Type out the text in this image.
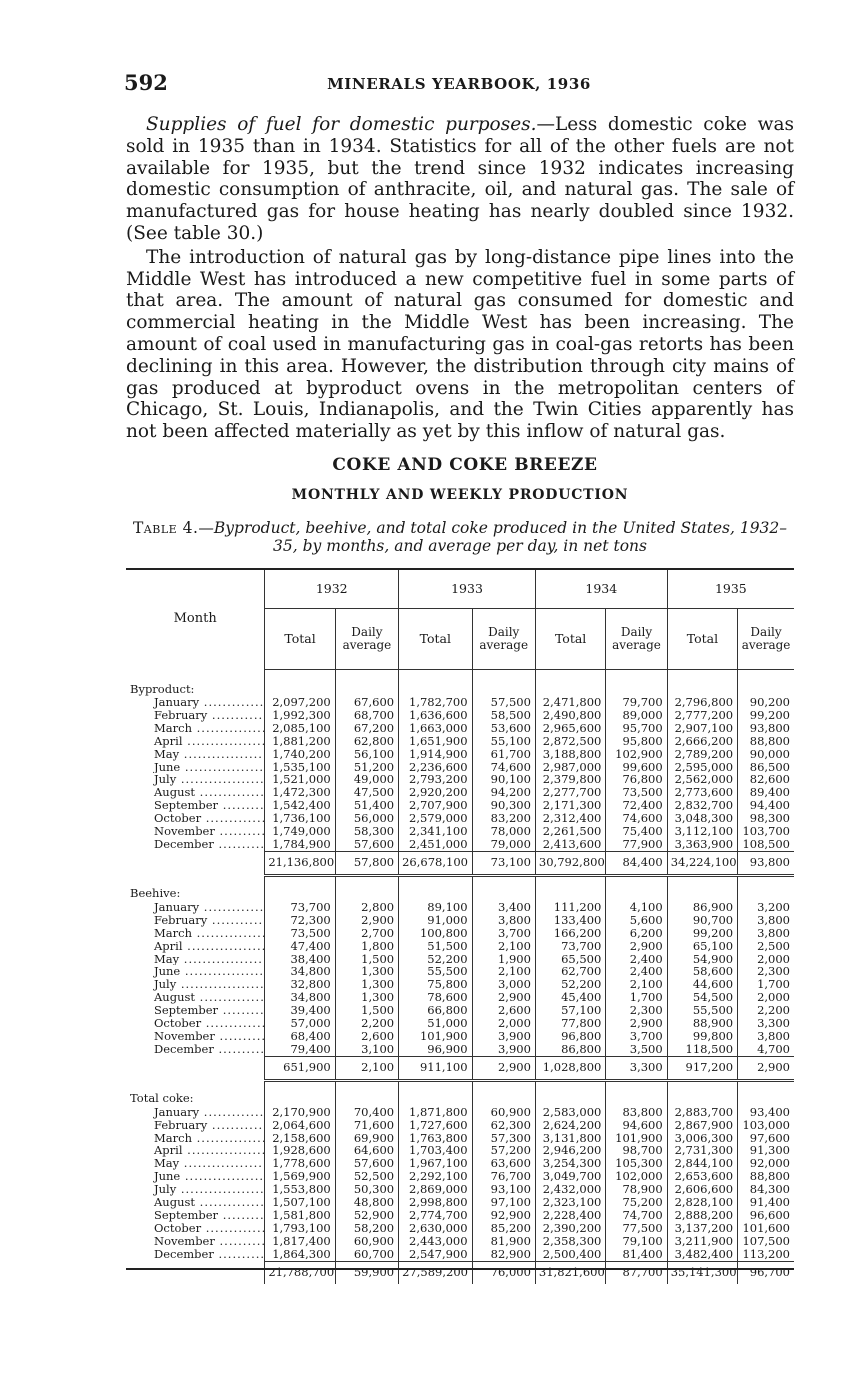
592	MINERALS YEARBOOK, 1936

Supplies of fuel for domestic purposes.—Less domestic coke was sold in 1935 than in 1934. Statistics for all of the other fuels are not available for 1935, but the trend since 1932 indicates increasing domestic consumption of anthracite, oil, and natural gas. The sale of manufactured gas for house heating has nearly doubled since 1932. (See table 30.)

The introduction of natural gas by long-distance pipe lines into the Middle West has introduced a new competitive fuel in some parts of that area. The amount of natural gas consumed for domestic and commercial heating in the Middle West has been increasing. The amount of coal used in manufacturing gas in coal-gas retorts has been declining in this area. However, the distribution through city mains of gas produced at byproduct ovens in the metropolitan centers of Chicago, St. Louis, Indianapolis, and the Twin Cities apparently has not been affected materially as yet by this inflow of natural gas.

COKE AND COKE BREEZE
MONTHLY AND WEEKLY PRODUCTION
Table 4.—Byproduct, beehive, and total coke produced in the United States, 1932–35, by months, and average per day, in net tons
Month	1932		1933		1934		1935	
	Total	Daily
average	Total	Daily
average	Total	Daily
average	Total	Daily
average

Byproduct:								
January .....	2,097,200	67,600	1,782,700	57,500	2,471,800	79,700	2,796,800	90,200
February .....	1,992,300	68,700	1,636,600	58,500	2,490,800	89,000	2,777,200	99,200
March .....	2,085,100	67,200	1,663,000	53,600	2,965,600	95,700	2,907,100	93,800
April .....	1,881,200	62,800	1,651,900	55,100	2,872,500	95,800	2,666,200	88,800
May .....	1,740,200	56,100	1,914,900	61,700	3,188,800	102,900	2,789,200	90,000
June .....	1,535,100	51,200	2,236,600	74,600	2,987,000	99,600	2,595,000	86,500
July .....	1,521,000	49,000	2,793,200	90,100	2,379,800	76,800	2,562,000	82,600
August .....	1,472,300	47,500	2,920,200	94,200	2,277,700	73,500	2,773,600	89,400
September .....	1,542,400	51,400	2,707,900	90,300	2,171,300	72,400	2,832,700	94,400
October .....	1,736,100	56,000	2,579,000	83,200	2,312,400	74,600	3,048,300	98,300
November .....	1,749,000	58,300	2,341,100	78,000	2,261,500	75,400	3,112,100	103,700
December .....	1,784,900	57,600	2,451,000	79,000	2,413,600	77,900	3,363,900	108,500
	21,136,800	57,800	26,678,100	73,100	30,792,800	84,400	34,224,100	93,800

Beehive:								
January .....	73,700	2,800	89,100	3,400	111,200	4,100	86,900	3,200
February .....	72,300	2,900	91,000	3,800	133,400	5,600	90,700	3,800
March .....	73,500	2,700	100,800	3,700	166,200	6,200	99,200	3,800
April .....	47,400	1,800	51,500	2,100	73,700	2,900	65,100	2,500
May .....	38,400	1,500	52,200	1,900	65,500	2,400	54,900	2,000
June .....	34,800	1,300	55,500	2,100	62,700	2,400	58,600	2,300
July .....	32,800	1,300	75,800	3,000	52,200	2,100	44,600	1,700
August .....	34,800	1,300	78,600	2,900	45,400	1,700	54,500	2,000
September .....	39,400	1,500	66,800	2,600	57,100	2,300	55,500	2,200
October .....	57,000	2,200	51,000	2,000	77,800	2,900	88,900	3,300
November .....	68,400	2,600	101,900	3,900	96,800	3,700	99,800	3,800
December .....	79,400	3,100	96,900	3,900	86,800	3,500	118,500	4,700
	651,900	2,100	911,100	2,900	1,028,800	3,300	917,200	2,900

Total coke:								
January .....	2,170,900	70,400	1,871,800	60,900	2,583,000	83,800	2,883,700	93,400
February .....	2,064,600	71,600	1,727,600	62,300	2,624,200	94,600	2,867,900	103,000
March .....	2,158,600	69,900	1,763,800	57,300	3,131,800	101,900	3,006,300	97,600
April .....	1,928,600	64,600	1,703,400	57,200	2,946,200	98,700	2,731,300	91,300
May .....	1,778,600	57,600	1,967,100	63,600	3,254,300	105,300	2,844,100	92,000
June .....	1,569,900	52,500	2,292,100	76,700	3,049,700	102,000	2,653,600	88,800
July .....	1,553,800	50,300	2,869,000	93,100	2,432,000	78,900	2,606,600	84,300
August .....	1,507,100	48,800	2,998,800	97,100	2,323,100	75,200	2,828,100	91,400
September .....	1,581,800	52,900	2,774,700	92,900	2,228,400	74,700	2,888,200	96,600
October .....	1,793,100	58,200	2,630,000	85,200	2,390,200	77,500	3,137,200	101,600
November .....	1,817,400	60,900	2,443,000	81,900	2,358,300	79,100	3,211,900	107,500
December .....	1,864,300	60,700	2,547,900	82,900	2,500,400	81,400	3,482,400	113,200
	21,788,700	59,900	27,589,200	76,000	31,821,600	87,700	35,141,300	96,700
